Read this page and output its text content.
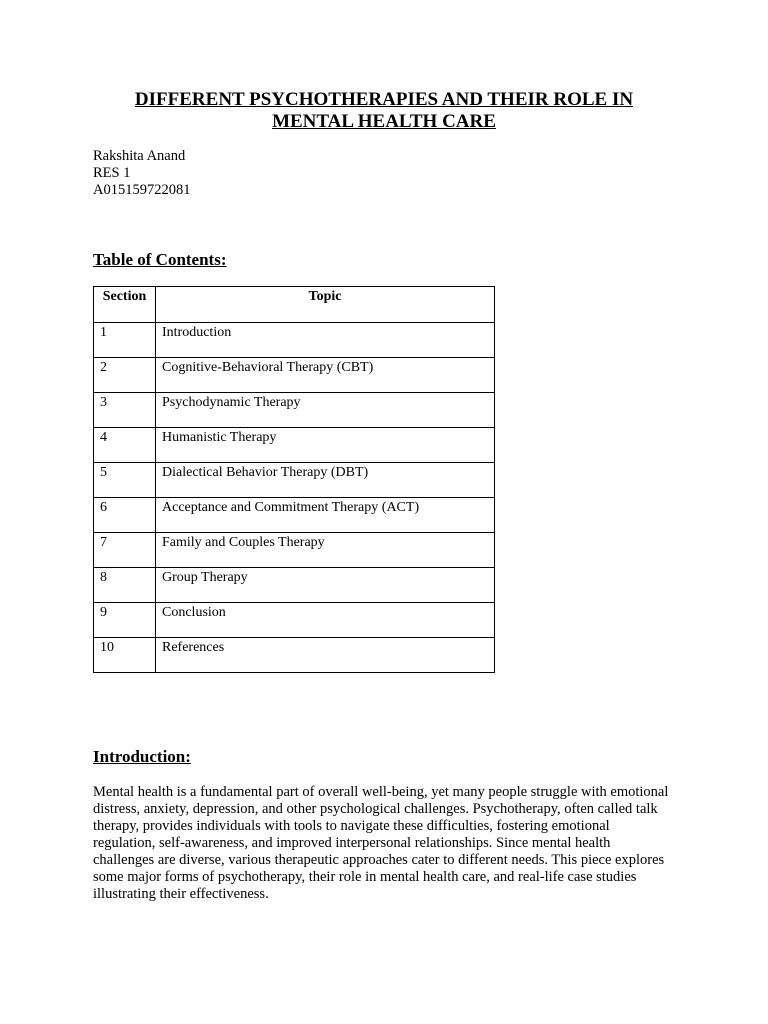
DIFFERENT PSYCHOTHERAPIES AND THEIR ROLE IN MENTAL HEALTH CARE
Rakshita Anand
RES 1
A015159722081
Table of Contents:
Section	Topic
1	Introduction
2	Cognitive-Behavioral Therapy (CBT)
3	Psychodynamic Therapy
4	Humanistic Therapy
5	Dialectical Behavior Therapy (DBT)
6	Acceptance and Commitment Therapy (ACT)
7	Family and Couples Therapy
8	Group Therapy
9	Conclusion
10	References
Introduction:

Mental health is a fundamental part of overall well-being, yet many people struggle with emotional distress, anxiety, depression, and other psychological challenges. Psychotherapy, often called talk therapy, provides individuals with tools to navigate these difficulties, fostering emotional regulation, self-awareness, and improved interpersonal relationships. Since mental health challenges are diverse, various therapeutic approaches cater to different needs. This piece explores some major forms of psychotherapy, their role in mental health care, and real-life case studies illustrating their effectiveness.
